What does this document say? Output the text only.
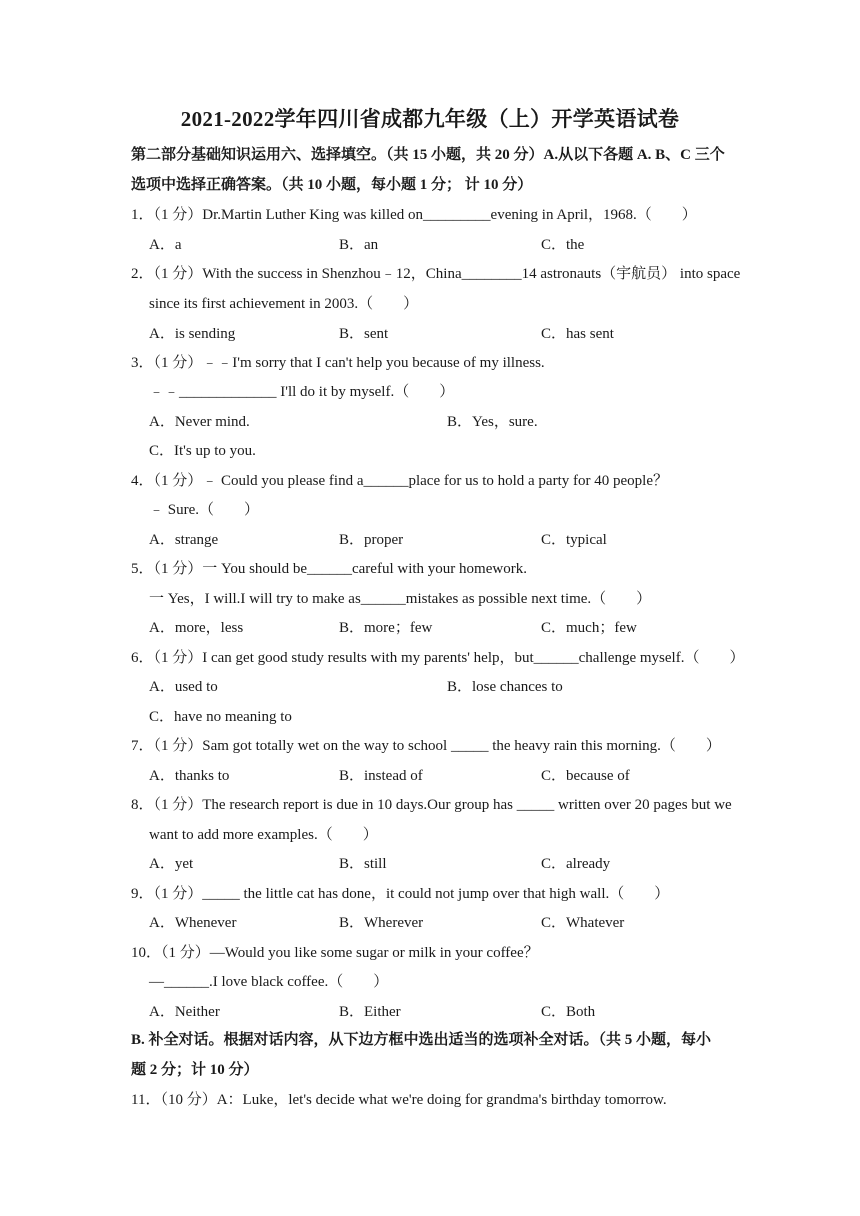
2021-2022学年四川省成都九年级（上）开学英语试卷
第二部分基础知识运用六、选择填空。（共 15 小题，共 20 分）A.从以下各题 A. B、C 三个
选项中选择正确答案。（共 10 小题，每小题 1 分； 计 10 分）
1．（1 分）Dr.Martin Luther King was killed on_________evening in April，1968.（　　）
A．a	B．an	C．the
2．（1 分）With the success in Shenzhou﹣12，China________14 astronauts（宇航员） into space
since its first achievement in 2003.（　　）
A．is sending	B．sent	C．has sent
3．（1 分）﹣﹣I'm sorry that I can't help you because of my illness.
﹣﹣_____________ I'll do it by myself.（　　）
A．Never mind.	B．Yes，sure.
C．It's up to you.
4．（1 分）﹣ Could you please find a______place for us to hold a party for 40 people？
﹣ Sure.（　　）
A．strange	B．proper	C．typical
5．（1 分）一 You should be______careful with your homework.
一 Yes，I will.I will try to make as______mistakes as possible next time.（　　）
A．more，less	B．more；few	C．much；few
6．（1 分）I can get good study results with my parents' help，but______challenge myself.（　　）
A．used to	B．lose chances to
C．have no meaning to
7．（1 分）Sam got totally wet on the way to school _____ the heavy rain this morning.（　　）
A．thanks to	B．instead of	C．because of
8．（1 分）The research report is due in 10 days.Our group has _____ written over 20 pages but we
want to add more examples.（　　）
A．yet	B．still	C．already
9．（1 分）_____ the little cat has done，it could not jump over that high wall.（　　）
A．Whenever	B．Wherever	C．Whatever
10．（1 分）—Would you like some sugar or milk in your coffee？
—______.I love black coffee.（　　）
A．Neither	B．Either	C．Both
B. 补全对话。根据对话内容，从下边方框中选出适当的选项补全对话。（共 5 小题，每小
题 2 分；计 10 分）
11．（10 分）A：Luke，let's decide what we're doing for grandma's birthday tomorrow.
